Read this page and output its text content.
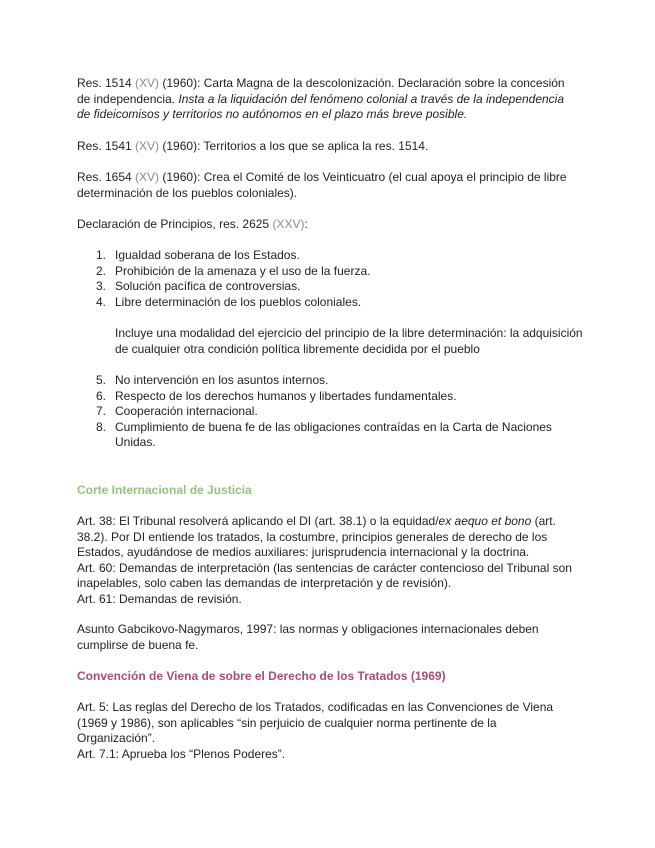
Res. 1514 (XV) (1960): Carta Magna de la descolonización. Declaración sobre la concesión de independencia. Insta a la liquidación del fenómeno colonial a través de la independencia de fideicomisos y territorios no autónomos en el plazo más breve posible.

Res. 1541 (XV) (1960): Territorios a los que se aplica la res. 1514.

Res. 1654 (XV) (1960): Crea el Comité de los Veinticuatro (el cual apoya el principio de libre determinación de los pueblos coloniales).

Declaración de Principios, res. 2625 (XXV):

1. Igualdad soberana de los Estados.
2. Prohibición de la amenaza y el uso de la fuerza.
3. Solución pacífica de controversias.
4. Libre determinación de los pueblos coloniales.

Incluye una modalidad del ejercicio del principio de la libre determinación: la adquisición de cualquier otra condición política libremente decidida por el pueblo

5. No intervención en los asuntos internos.
6. Respecto de los derechos humanos y libertades fundamentales.
7. Cooperación internacional.
8. Cumplimiento de buena fe de las obligaciones contraídas en la Carta de Naciones Unidas.

Corte Internacional de Justicia

Art. 38: El Tribunal resolverá aplicando el DI (art. 38.1) o la equidad/ex aequo et bono (art. 38.2). Por DI entiende los tratados, la costumbre, principios generales de derecho de los Estados, ayudándose de medios auxiliares: jurisprudencia internacional y la doctrina.
Art. 60: Demandas de interpretación (las sentencias de carácter contencioso del Tribunal son inapelables, solo caben las demandas de interpretación y de revisión).
Art. 61: Demandas de revisión.

Asunto Gabcikovo-Nagymaros, 1997: las normas y obligaciones internacionales deben cumplirse de buena fe.

Convención de Viena de sobre el Derecho de los Tratados (1969)

Art. 5: Las reglas del Derecho de los Tratados, codificadas en las Convenciones de Viena (1969 y 1986), son aplicables “sin perjuicio de cualquier norma pertinente de la Organización”.
Art. 7.1: Aprueba los “Plenos Poderes”.
